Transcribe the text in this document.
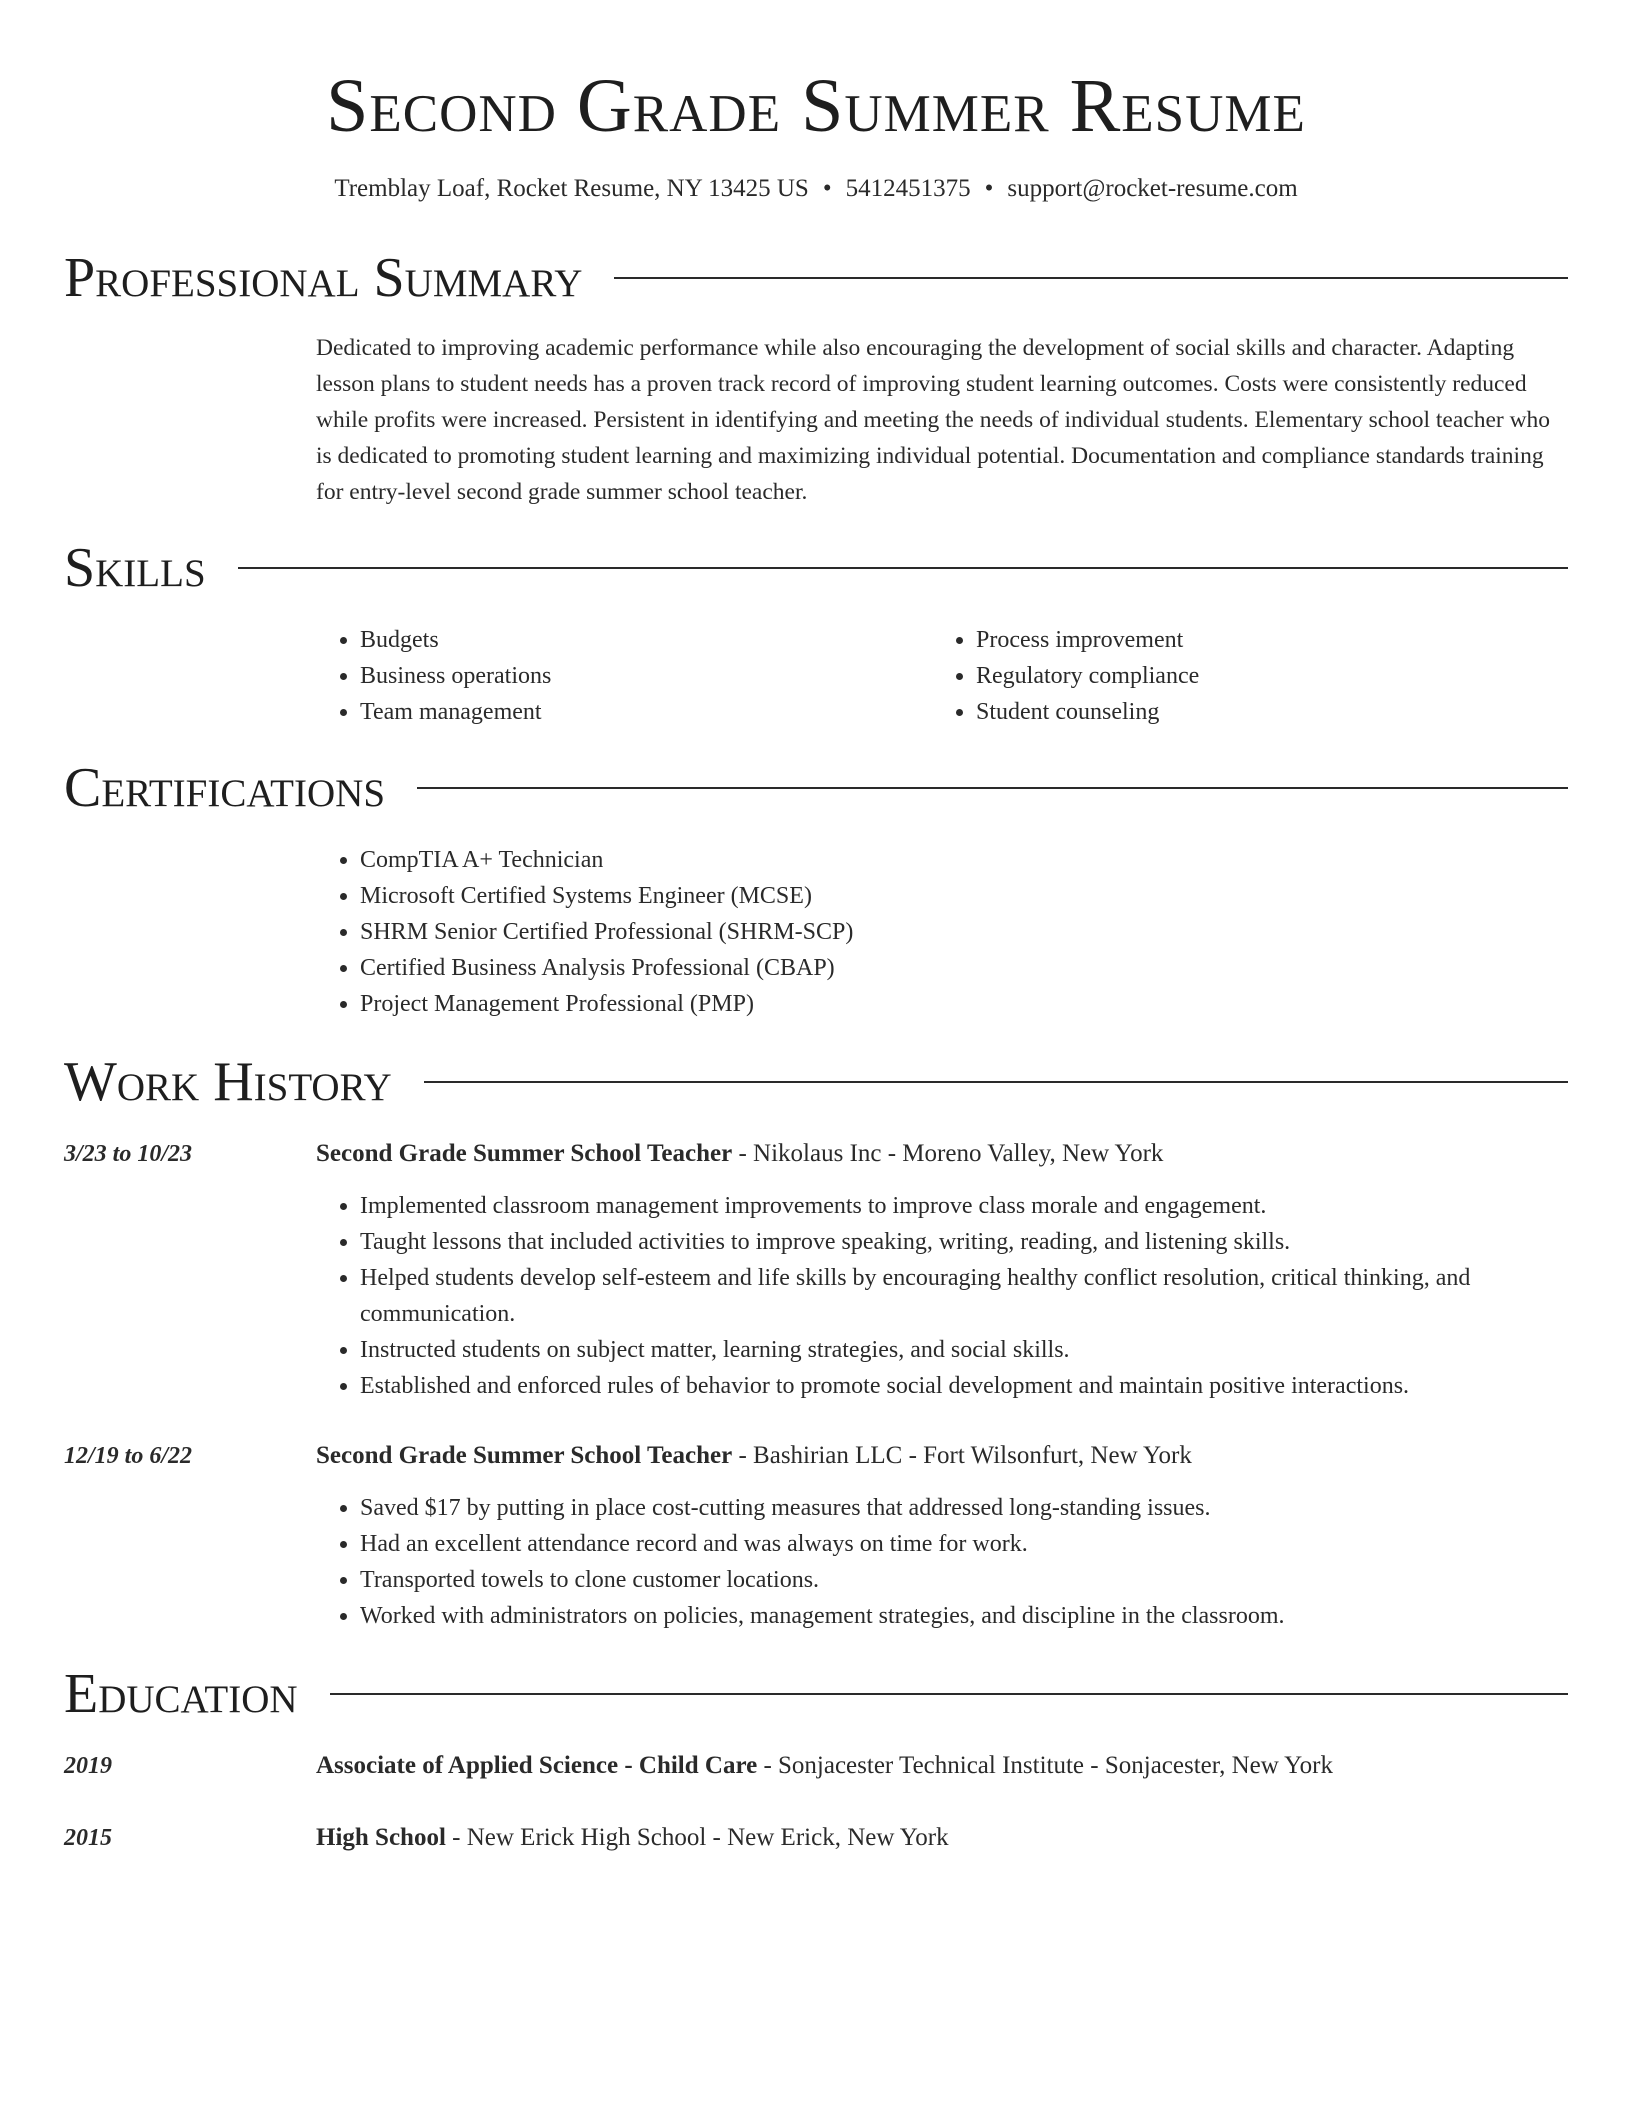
Second Grade Summer Resume
Tremblay Loaf, Rocket Resume, NY 13425 US • 5412451375 • support@rocket-resume.com
Professional Summary
Dedicated to improving academic performance while also encouraging the development of social skills and character. Adapting lesson plans to student needs has a proven track record of improving student learning outcomes. Costs were consistently reduced while profits were increased. Persistent in identifying and meeting the needs of individual students. Elementary school teacher who is dedicated to promoting student learning and maximizing individual potential. Documentation and compliance standards training for entry-level second grade summer school teacher.
Skills
• Budgets
• Business operations
• Team management
• Process improvement
• Regulatory compliance
• Student counseling
Certifications
• CompTIA A+ Technician
• Microsoft Certified Systems Engineer (MCSE)
• SHRM Senior Certified Professional (SHRM-SCP)
• Certified Business Analysis Professional (CBAP)
• Project Management Professional (PMP)
Work History
3/23 to 10/23	Second Grade Summer School Teacher - Nikolaus Inc - Moreno Valley, New York
• Implemented classroom management improvements to improve class morale and engagement.
• Taught lessons that included activities to improve speaking, writing, reading, and listening skills.
• Helped students develop self-esteem and life skills by encouraging healthy conflict resolution, critical thinking, and communication.
• Instructed students on subject matter, learning strategies, and social skills.
• Established and enforced rules of behavior to promote social development and maintain positive interactions.
12/19 to 6/22	Second Grade Summer School Teacher - Bashirian LLC - Fort Wilsonfurt, New York
• Saved $17 by putting in place cost-cutting measures that addressed long-standing issues.
• Had an excellent attendance record and was always on time for work.
• Transported towels to clone customer locations.
• Worked with administrators on policies, management strategies, and discipline in the classroom.
Education
2019	Associate of Applied Science - Child Care - Sonjacester Technical Institute - Sonjacester, New York
2015	High School - New Erick High School - New Erick, New York
